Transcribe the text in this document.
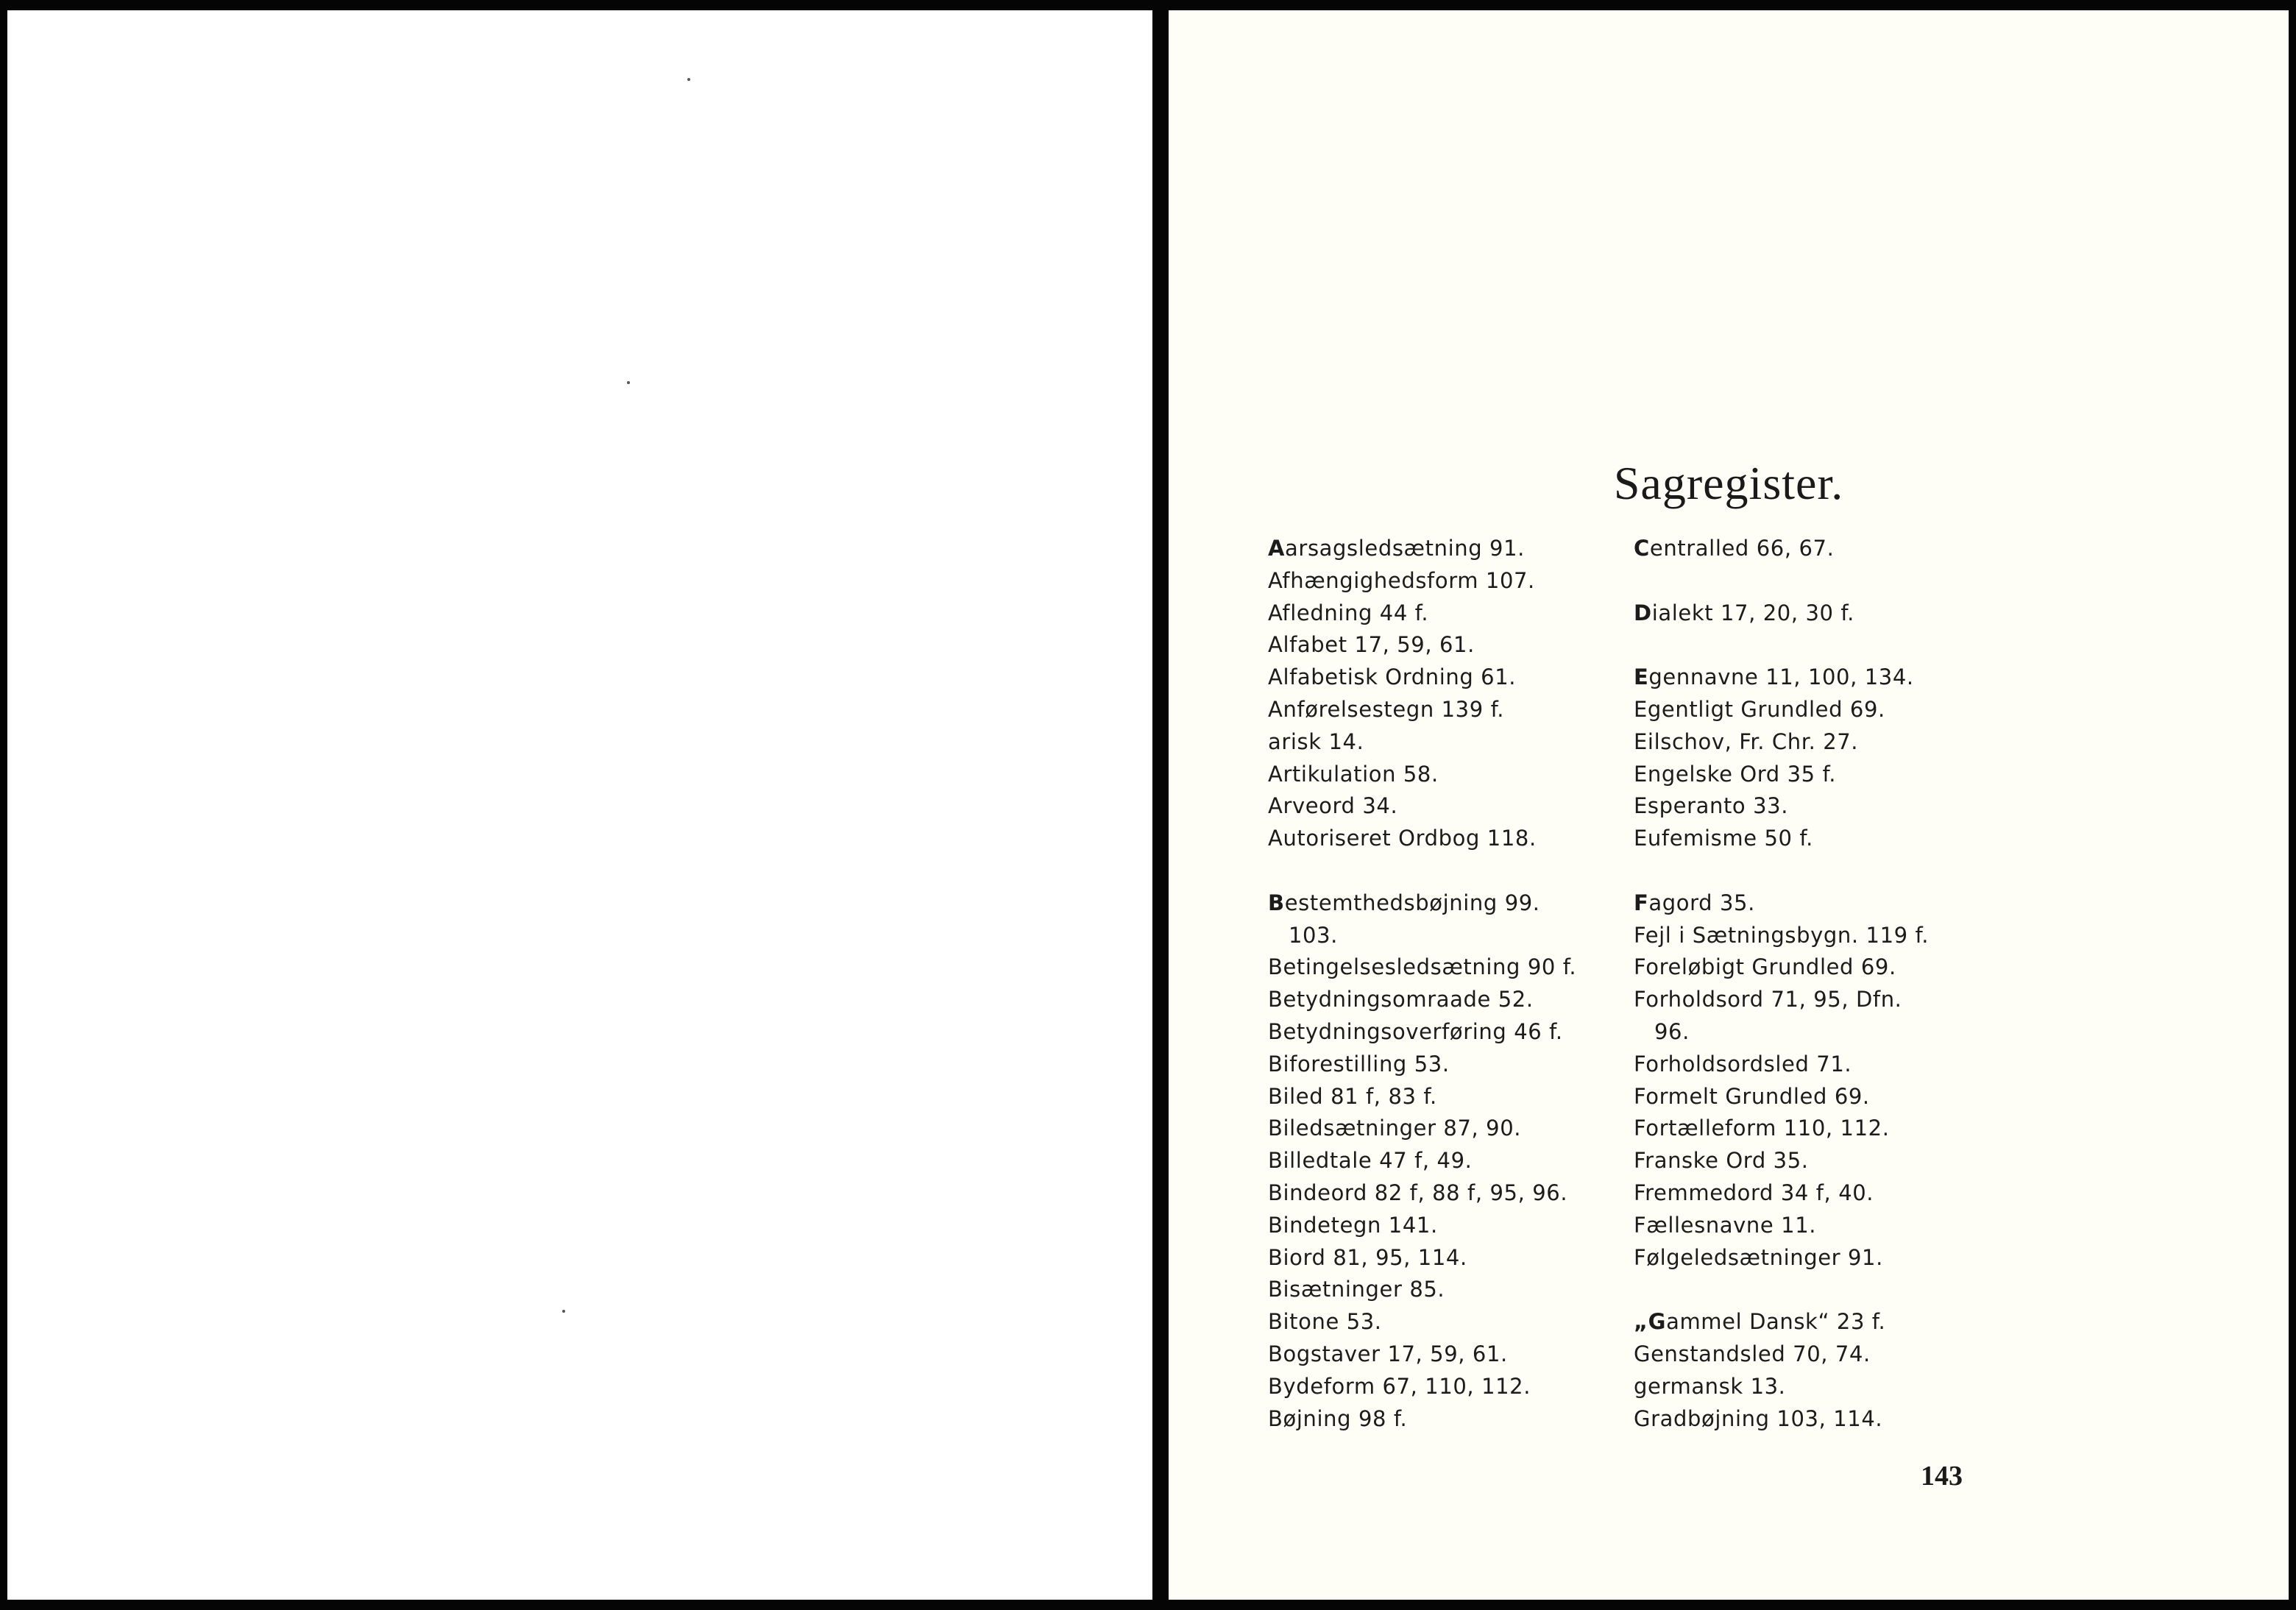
Sagregister.
Aarsagsledsætning 91.
Afhængighedsform 107.
Afledning 44 f.
Alfabet 17, 59, 61.
Alfabetisk Ordning 61.
Anførelsestegn 139 f.
arisk 14.
Artikulation 58.
Arveord 34.
Autoriseret Ordbog 118.
Bestemthedsbøjning 99.
103.
Betingelsesledsætning 90 f.
Betydningsomraade 52.
Betydningsoverføring 46 f.
Biforestilling 53.
Biled 81 f, 83 f.
Biledsætninger 87, 90.
Billedtale 47 f, 49.
Bindeord 82 f, 88 f, 95, 96.
Bindetegn 141.
Biord 81, 95, 114.
Bisætninger 85.
Bitone 53.
Bogstaver 17, 59, 61.
Bydeform 67, 110, 112.
Bøjning 98 f.
Centralled 66, 67.
Dialekt 17, 20, 30 f.
Egennavne 11, 100, 134.
Egentligt Grundled 69.
Eilschov, Fr. Chr. 27.
Engelske Ord 35 f.
Esperanto 33.
Eufemisme 50 f.
Fagord 35.
Fejl i Sætningsbygn. 119 f.
Foreløbigt Grundled 69.
Forholdsord 71, 95, Dfn.
96.
Forholdsordsled 71.
Formelt Grundled 69.
Fortælleform 110, 112.
Franske Ord 35.
Fremmedord 34 f, 40.
Fællesnavne 11.
Følgeledsætninger 91.
„Gammel Dansk“ 23 f.
Genstandsled 70, 74.
germansk 13.
Gradbøjning 103, 114.
143
